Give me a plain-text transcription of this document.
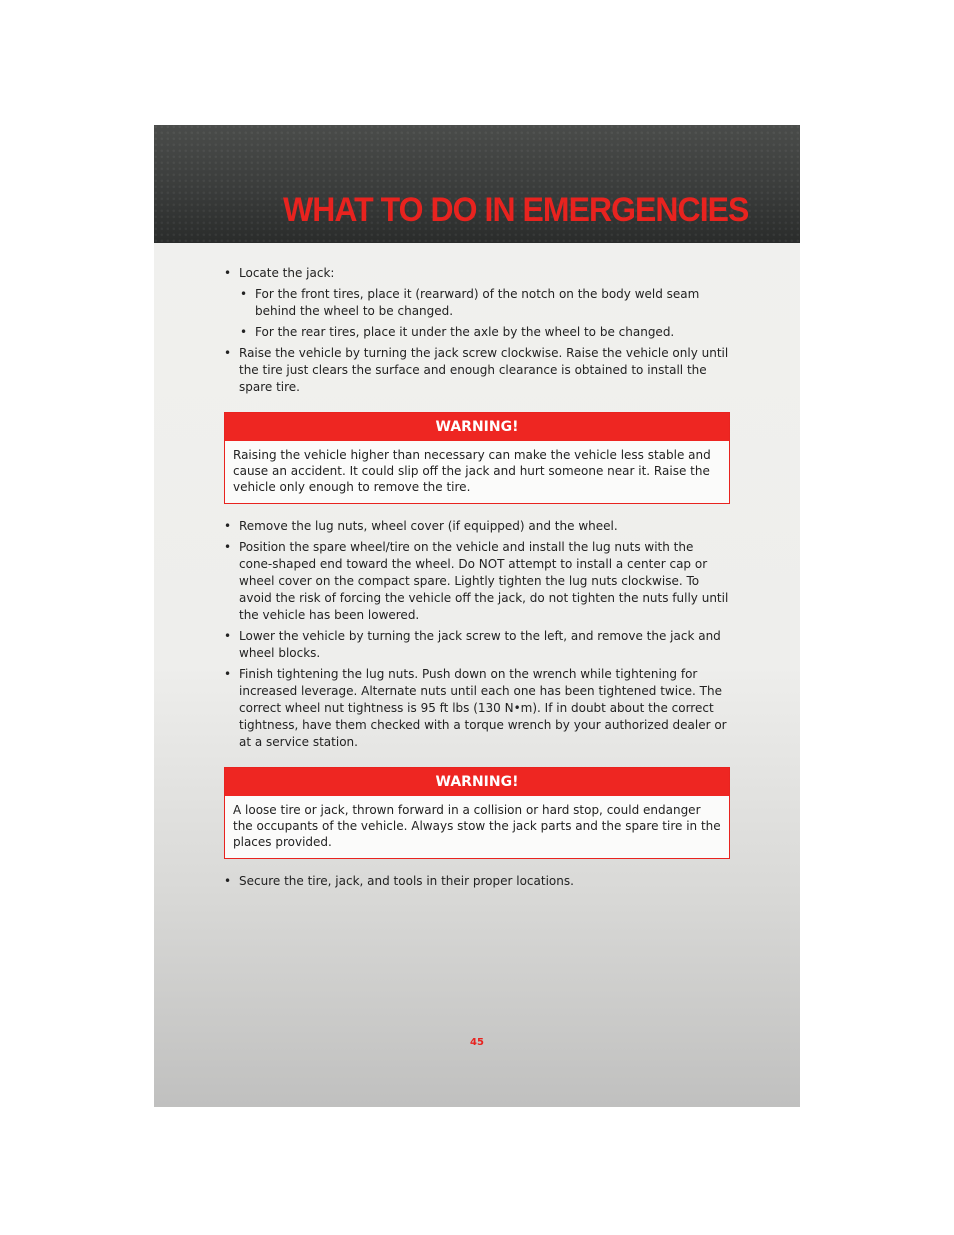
WHAT TO DO IN EMERGENCIES
• Locate the jack:
• For the front tires, place it (rearward) of the notch on the body weld seam behind the wheel to be changed.
• For the rear tires, place it under the axle by the wheel to be changed.
• Raise the vehicle by turning the jack screw clockwise. Raise the vehicle only until the tire just clears the surface and enough clearance is obtained to install the spare tire.
WARNING!
Raising the vehicle higher than necessary can make the vehicle less stable and cause an accident. It could slip off the jack and hurt someone near it. Raise the vehicle only enough to remove the tire.
• Remove the lug nuts, wheel cover (if equipped) and the wheel.
• Position the spare wheel/tire on the vehicle and install the lug nuts with the cone-shaped end toward the wheel. Do NOT attempt to install a center cap or wheel cover on the compact spare. Lightly tighten the lug nuts clockwise. To avoid the risk of forcing the vehicle off the jack, do not tighten the nuts fully until the vehicle has been lowered.
• Lower the vehicle by turning the jack screw to the left, and remove the jack and wheel blocks.
• Finish tightening the lug nuts. Push down on the wrench while tightening for increased leverage. Alternate nuts until each one has been tightened twice. The correct wheel nut tightness is 95 ft lbs (130 N•m). If in doubt about the correct tightness, have them checked with a torque wrench by your authorized dealer or at a service station.
WARNING!
A loose tire or jack, thrown forward in a collision or hard stop, could endanger the occupants of the vehicle. Always stow the jack parts and the spare tire in the places provided.
• Secure the tire, jack, and tools in their proper locations.
45
